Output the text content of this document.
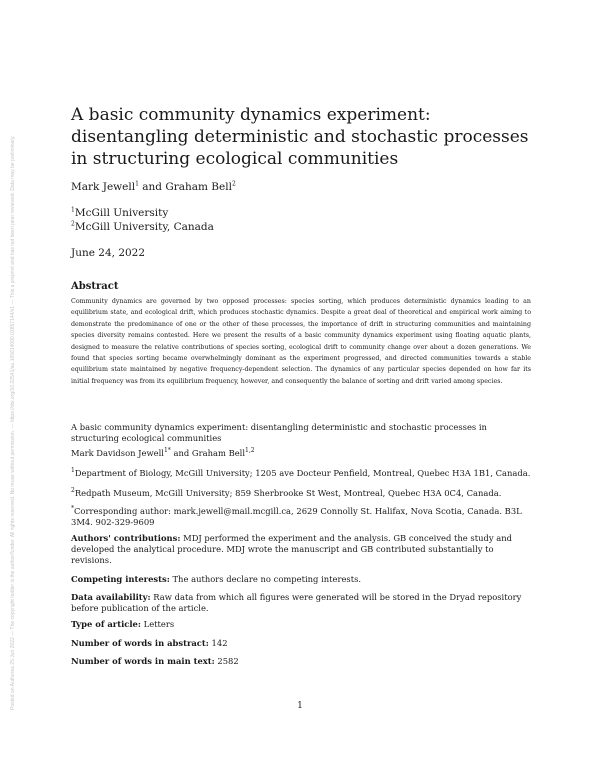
Posted on Authorea 25 Jun 2022 — The copyright holder is the author/funder. All rights reserved. No reuse without permission. — https://doi.org/10.22541/au.165614000.03857144/v1 — This a preprint and has not been peer reviewed. Data may be preliminary.
A basic community dynamics experiment: disentangling deterministic and stochastic processes in structuring ecological communities
Mark Jewell$^1$ and Graham Bell$^2$
$^1$McGill University
$^2$McGill University, Canada
June 24, 2022
Abstract

Community dynamics are governed by two opposed processes: species sorting, which produces deterministic dynamics leading to an equilibrium state, and ecological drift, which produces stochastic dynamics. Despite a great deal of theoretical and empirical work aiming to demonstrate the predominance of one or the other of these processes, the importance of drift in structuring communities and maintaining species diversity remains contested. Here we present the results of a basic community dynamics experiment using floating aquatic plants, designed to measure the relative contributions of species sorting, ecological drift to community change over about a dozen generations. We found that species sorting became overwhelmingly dominant as the experiment progressed, and directed communities towards a stable equilibrium state maintained by negative frequency-dependent selection. The dynamics of any particular species depended on how far its initial frequency was from its equilibrium frequency, however, and consequently the balance of sorting and drift varied among species.

A basic community dynamics experiment: disentangling deterministic and stochastic processes in structuring ecological communities

Mark Davidson Jewell$^{1*}$ and Graham Bell$^{1,2}$

$^1$Department of Biology, McGill University; 1205 ave Docteur Penfield, Montreal, Quebec H3A 1B1, Canada.

$^2$Redpath Museum, McGill University; 859 Sherbrooke St West, Montreal, Quebec H3A 0C4, Canada.

*Corresponding author: mark.jewell@mail.mcgill.ca, 2629 Connolly St. Halifax, Nova Scotia, Canada. B3L 3M4. 902-329-9609

Authors' contributions: MDJ performed the experiment and the analysis. GB conceived the study and developed the analytical procedure. MDJ wrote the manuscript and GB contributed substantially to revisions.

Competing interests: The authors declare no competing interests.

Data availability: Raw data from which all figures were generated will be stored in the Dryad repository before publication of the article.

Type of article: Letters

Number of words in abstract: 142

Number of words in main text: 2582

1
